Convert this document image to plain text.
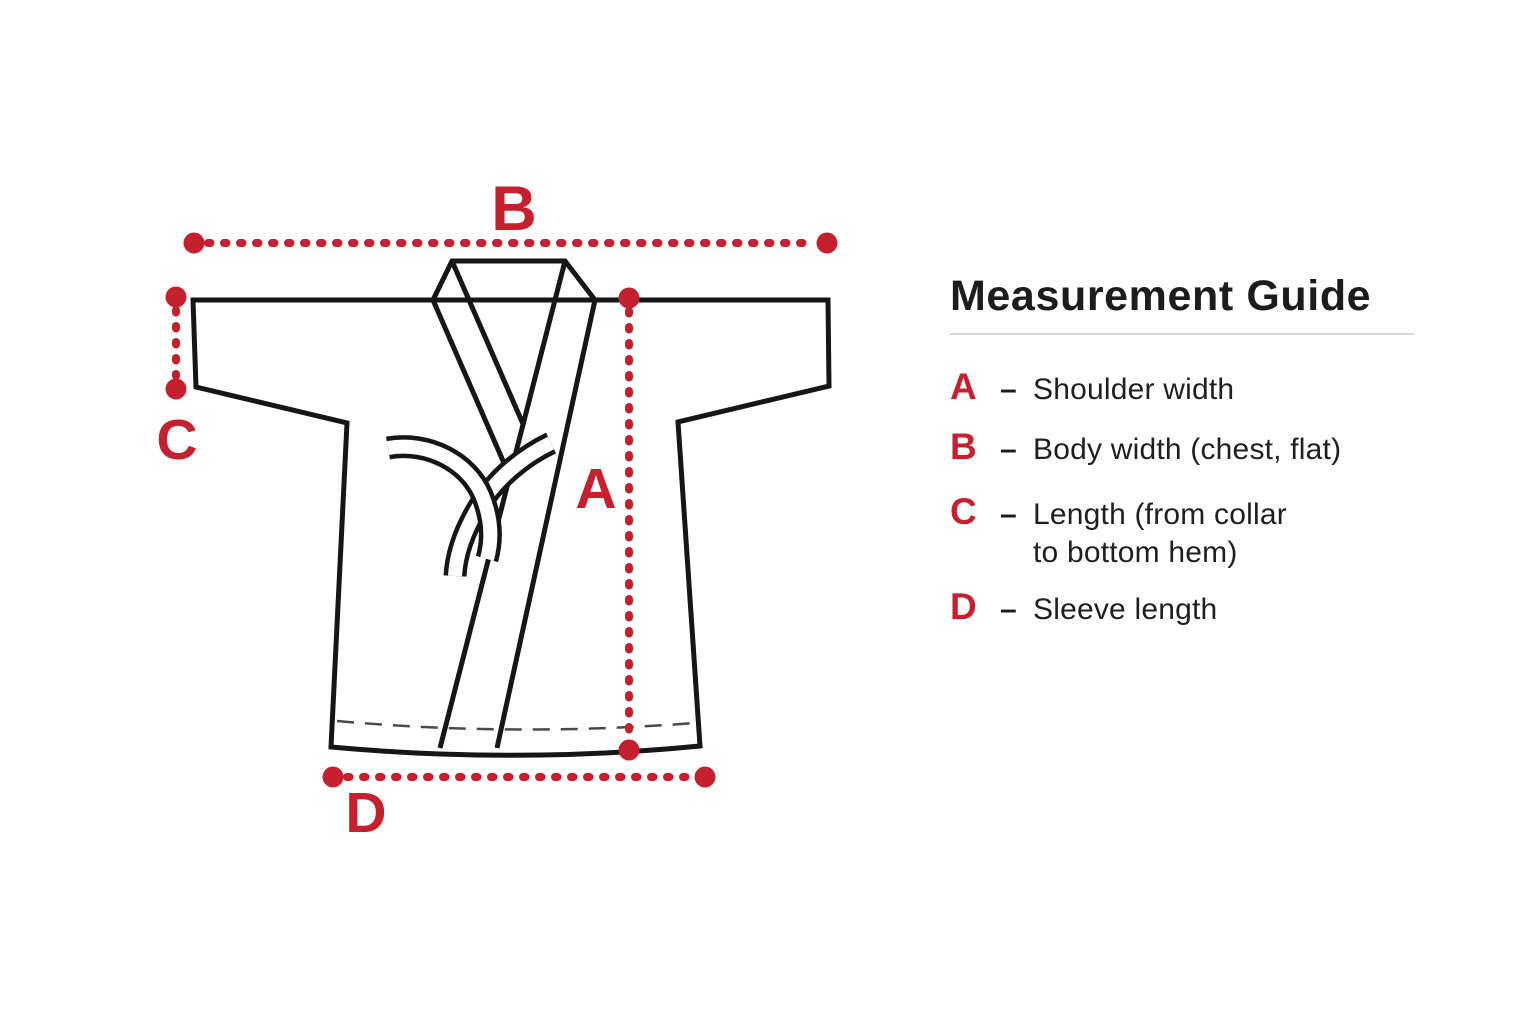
B
C
A
D
Measurement Guide
A – Shoulder width
B – Body width (chest, flat)
C – Length (from collar
to bottom hem)
D – Sleeve length
